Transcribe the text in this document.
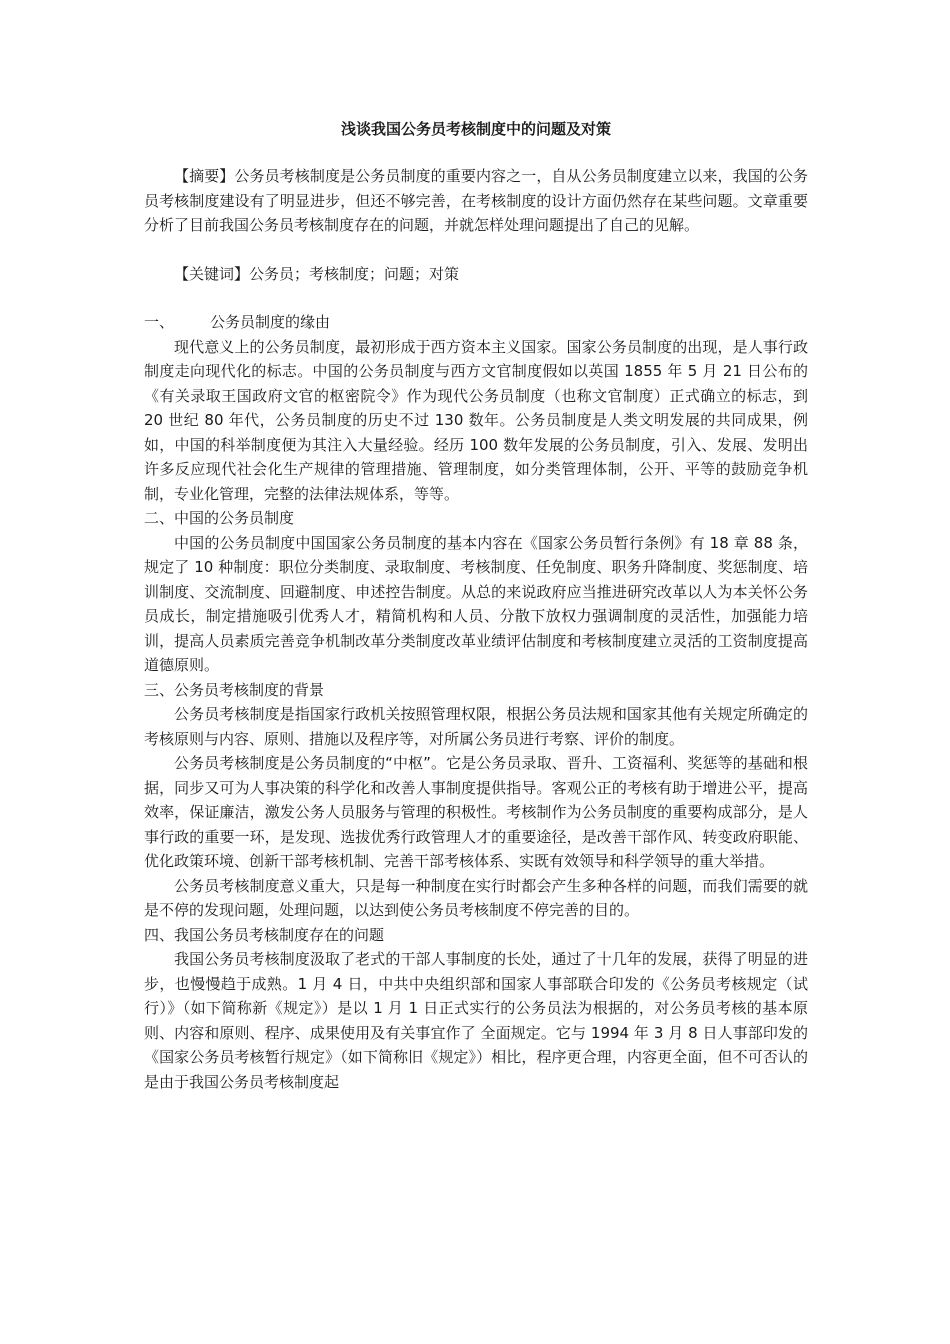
浅谈我国公务员考核制度中的问题及对策

【摘要】公务员考核制度是公务员制度的重要内容之一，自从公务员制度建立以来，我国的公务员考核制度建设有了明显进步，但还不够完善，在考核制度的设计方面仍然存在某些问题。文章重要分析了目前我国公务员考核制度存在的问题，并就怎样处理问题提出了自己的见解。

【关键词】公务员；考核制度；问题；对策

一、 公务员制度的缘由

现代意义上的公务员制度，最初形成于西方资本主义国家。国家公务员制度的出现，是人事行政制度走向现代化的标志。中国的公务员制度与西方文官制度假如以英国 1855 年 5 月 21 日公布的《有关录取王国政府文官的枢密院令》作为现代公务员制度（也称文官制度）正式确立的标志，到 20 世纪 80 年代，公务员制度的历史不过 130 数年。公务员制度是人类文明发展的共同成果，例如，中国的科举制度便为其注入大量经验。经历 100 数年发展的公务员制度，引入、发展、发明出许多反应现代社会化生产规律的管理措施、管理制度，如分类管理体制，公开、平等的鼓励竞争机制，专业化管理，完整的法律法规体系，等等。

二、中国的公务员制度

中国的公务员制度中国国家公务员制度的基本内容在《国家公务员暂行条例》有 18 章 88 条，规定了 10 种制度：职位分类制度、录取制度、考核制度、任免制度、职务升降制度、奖惩制度、培训制度、交流制度、回避制度、申述控告制度。从总的来说政府应当推进研究改革以人为本关怀公务员成长，制定措施吸引优秀人才，精简机构和人员、分散下放权力强调制度的灵活性，加强能力培训，提高人员素质完善竞争机制改革分类制度改革业绩评估制度和考核制度建立灵活的工资制度提高道德原则。

三、公务员考核制度的背景

公务员考核制度是指国家行政机关按照管理权限，根据公务员法规和国家其他有关规定所确定的考核原则与内容、原则、措施以及程序等，对所属公务员进行考察、评价的制度。

公务员考核制度是公务员制度的“中枢”。它是公务员录取、晋升、工资福利、奖惩等的基础和根据，同步又可为人事决策的科学化和改善人事制度提供指导。客观公正的考核有助于增进公平，提高效率，保证廉洁，激发公务人员服务与管理的积极性。考核制作为公务员制度的重要构成部分，是人事行政的重要一环，是发现、选拔优秀行政管理人才的重要途径，是改善干部作风、转变政府职能、优化政策环境、创新干部考核机制、完善干部考核体系、实既有效领导和科学领导的重大举措。

公务员考核制度意义重大，只是每一种制度在实行时都会产生多种各样的问题，而我们需要的就是不停的发现问题，处理问题，以达到使公务员考核制度不停完善的目的。

四、我国公务员考核制度存在的问题

我国公务员考核制度汲取了老式的干部人事制度的长处，通过了十几年的发展，获得了明显的进步，也慢慢趋于成熟。1 月 4 日，中共中央组织部和国家人事部联合印发的《公务员考核规定（试行）》（如下简称新《规定》）是以 1 月 1 日正式实行的公务员法为根据的，对公务员考核的基本原则、内容和原则、程序、成果使用及有关事宜作了 全面规定。它与 1994 年 3 月 8 日人事部印发的《国家公务员考核暂行规定》（如下简称旧《规定》）相比，程序更合理，内容更全面，但不可否认的是由于我国公务员考核制度起
